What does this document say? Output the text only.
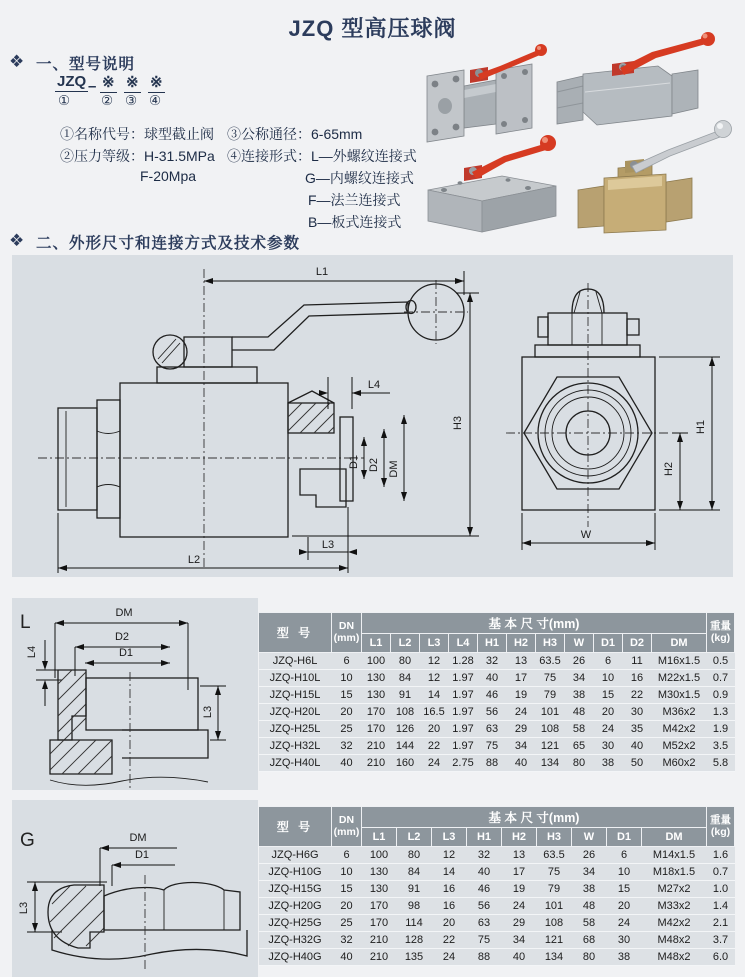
JZQ 型高压球阀
❖ 一、型号说明
JZQ – ※ ※ ※
① ② ③ ④
①名称代号：球型截止阀 ③公称通径：6-65mm
②压力等级：H-31.5MPa ④连接形式：L—外螺纹连接式
F-20Mpa	G—内螺纹连接式
F—法兰连接式
B—板式连接式
❖ 二、外形尺寸和连接方式及技术参数
L1
H3
L4
D1 D2 DM
L3
L2
H1
H2
W
L	DM
D2
D1
L4
L3
G	DM
D1
L3
型 号	
DN
(mm)
	基 本 尺 寸(mm)	重量
(kg)

		L1	L2	L3	L4	H1	H2	H3	W	D1	D2	DM	
JZQ-H6L	6	100	80	12	1.28	32	13	63.5	26	6	11	M16x1.5	0.5
JZQ-H10L	10	130	84	12	1.97	40	17	75	34	10	16	M22x1.5	0.7
JZQ-H15L	15	130	91	14	1.97	46	19	79	38	15	22	M30x1.5	0.9
JZQ-H20L	20	170	108	16.5	1.97	56	24	101	48	20	30	M36x2	1.3
JZQ-H25L	25	170	126	20	1.97	63	29	108	58	24	35	M42x2	1.9
JZQ-H32L	32	210	144	22	1.97	75	34	121	65	30	40	M52x2	3.5
JZQ-H40L	40	210	160	24	2.75	88	40	134	80	38	50	M60x2	5.8
型 号	
DN
(mm)
	基 本 尺 寸(mm)	重量
(kg)

		L1	L2	L3	H1	H2	H3	W	D1	DM	
JZQ-H6G	6	100	80	12	32	13	63.5	26	6	M14x1.5	1.6
JZQ-H10G	10	130	84	14	40	17	75	34	10	M18x1.5	0.7
JZQ-H15G	15	130	91	16	46	19	79	38	15	M27x2	1.0
JZQ-H20G	20	170	98	16	56	24	101	48	20	M33x2	1.4
JZQ-H25G	25	170	114	20	63	29	108	58	24	M42x2	2.1
JZQ-H32G	32	210	128	22	75	34	121	68	30	M48x2	3.7
JZQ-H40G	40	210	135	24	88	40	134	80	38	M48x2	6.0
